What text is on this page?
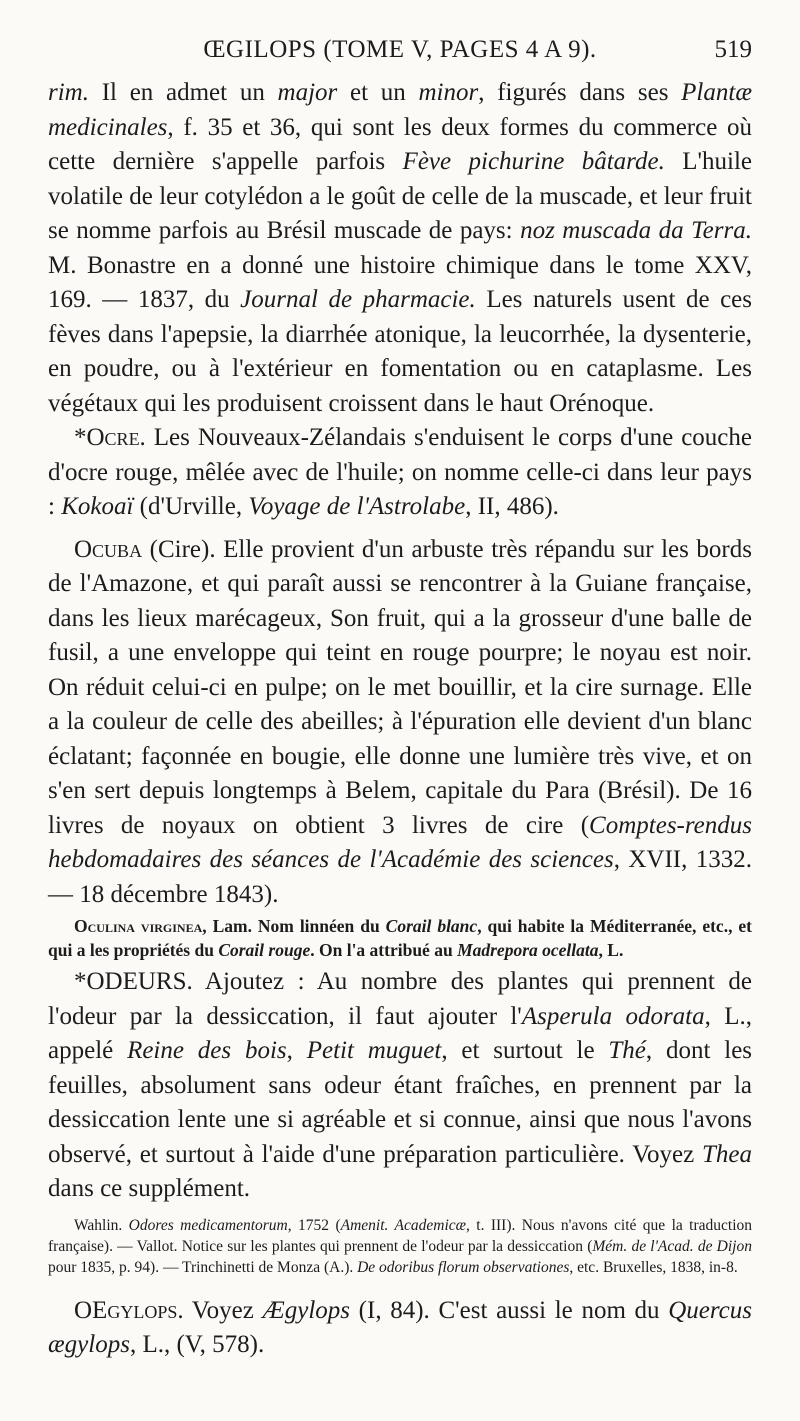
ŒGILOPS (TOME V, PAGES 4 A 9).	519

rim. Il en admet un major et un minor, figurés dans ses Plantæ medicinales, f. 35 et 36, qui sont les deux formes du commerce où cette dernière s'appelle parfois Fève pichurine bâtarde. L'huile volatile de leur cotylédon a le goût de celle de la muscade, et leur fruit se nomme parfois au Brésil muscade de pays: noz muscada da Terra. M. Bonastre en a donné une histoire chimique dans le tome XXV, 169. — 1837, du Journal de pharmacie. Les naturels usent de ces fèves dans l'apepsie, la diarrhée atonique, la leucorrhée, la dysenterie, en poudre, ou à l'extérieur en fomentation ou en cataplasme. Les végétaux qui les produisent croissent dans le haut Orénoque.

*Ocre. Les Nouveaux-Zélandais s'enduisent le corps d'une couche d'ocre rouge, mêlée avec de l'huile; on nomme celle-ci dans leur pays : Kokoaï (d'Urville, Voyage de l'Astrolabe, II, 486).

Ocuba (Cire). Elle provient d'un arbuste très répandu sur les bords de l'Amazone, et qui paraît aussi se rencontrer à la Guiane française, dans les lieux marécageux, Son fruit, qui a la grosseur d'une balle de fusil, a une enveloppe qui teint en rouge pourpre; le noyau est noir. On réduit celui-ci en pulpe; on le met bouillir, et la cire surnage. Elle a la couleur de celle des abeilles; à l'épuration elle devient d'un blanc éclatant; façonnée en bougie, elle donne une lumière très vive, et on s'en sert depuis longtemps à Belem, capitale du Para (Brésil). De 16 livres de noyaux on obtient 3 livres de cire (Comptes-rendus hebdomadaires des séances de l'Académie des sciences, XVII, 1332. — 18 décembre 1843).

Oculina virginea, Lam. Nom linnéen du Corail blanc, qui habite la Méditerranée, etc., et qui a les propriétés du Corail rouge. On l'a attribué au Madrepora ocellata, L.

*ODEURS. Ajoutez : Au nombre des plantes qui prennent de l'odeur par la dessiccation, il faut ajouter l'Asperula odorata, L., appelé Reine des bois, Petit muguet, et surtout le Thé, dont les feuilles, absolument sans odeur étant fraîches, en prennent par la dessiccation lente une si agréable et si connue, ainsi que nous l'avons observé, et surtout à l'aide d'une préparation particulière. Voyez Thea dans ce supplément.

Wahlin. Odores medicamentorum, 1752 (Amenit. Academicæ, t. III). Nous n'avons cité que la traduction française). — Vallot. Notice sur les plantes qui prennent de l'odeur par la dessiccation (Mém. de l'Acad. de Dijon pour 1835, p. 94). — Trinchinetti de Monza (A.). De odoribus florum observationes, etc. Bruxelles, 1838, in-8.

OEgylops. Voyez Ægylops (I, 84). C'est aussi le nom du Quercus ægylops, L., (V, 578).
